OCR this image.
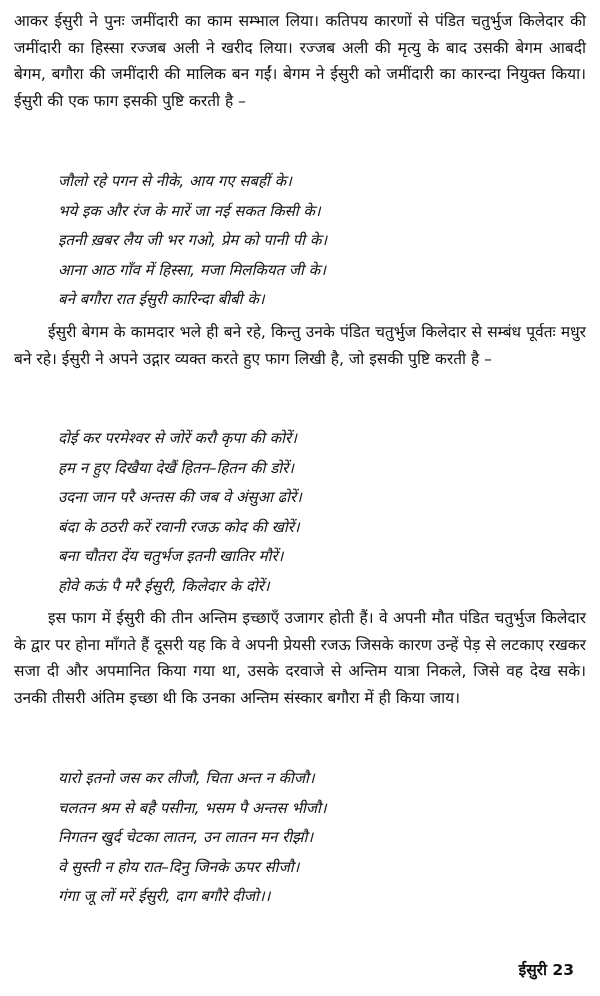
आकर ईसुरी ने पुनः जमींदारी का काम सम्भाल लिया। कतिपय कारणों से पंडित चतुर्भुज किलेदार की जमींदारी का हिस्सा रज्जब अली ने खरीद लिया। रज्जब अली की मृत्यु के बाद उसकी बेगम आबदी बेगम, बगौरा की जमींदारी की मालिक बन गईं। बेगम ने ईसुरी को जमींदारी का कारन्दा नियुक्त किया। ईसुरी की एक फाग इसकी पुष्टि करती है –

जौलो रहे पगन से नीके, आय गए सबहीं के।
भये इक और रंज के मारें जा नई सकत किसी के।
इतनी ख़बर लैय जी भर गओ, प्रेम को पानी पी के।
आना आठ गाँव में हिस्सा, मजा मिलकियत जी के।
बने बगौरा रात ईसुरी कारिन्दा बीबी के।

ईसुरी बेगम के कामदार भले ही बने रहे, किन्तु उनके पंडित चतुर्भुज किलेदार से सम्बंध पूर्वतः मधुर बने रहे। ईसुरी ने अपने उद्गार व्यक्त करते हुए फाग लिखी है, जो इसकी पुष्टि करती है –

दोई कर परमेश्वर से जोरें करौ कृपा की कोरें।
हम न हुए दिखैया देखैं हितन–हितन की डोरें।
उदना जान परै अन्तस की जब वे अंसुआ ढोरें।
बंदा के ठठरी करें रवानी रजऊ कोद की खोरें।
बना चौतरा देंय चतुर्भज इतनी खातिर मौरें।
होवे कऊं पै मरै ईसुरी, किलेदार के दोरें।

इस फाग में ईसुरी की तीन अन्तिम इच्छाएँ उजागर होती हैं। वे अपनी मौत पंडित चतुर्भुज किलेदार के द्वार पर होना माँगते हैं दूसरी यह कि वे अपनी प्रेयसी रजऊ जिसके कारण उन्हें पेड़ से लटकाए रखकर सजा दी और अपमानित किया गया था, उसके दरवाजे से अन्तिम यात्रा निकले, जिसे वह देख सके। उनकी तीसरी अंतिम इच्छा थी कि उनका अन्तिम संस्कार बगौरा में ही किया जाय।

यारो इतनो जस कर लीजौ, चिता अन्त न कीजौ।
चलतन श्रम से बहै पसीना, भसम पै अन्तस भीजौ।
निगतन खुर्द चेटका लातन, उन लातन मन रीझौ।
वे सुस्ती न होय रात–दिनु जिनके ऊपर सीजौ।
गंगा जू लों मरें ईसुरी, दाग बगौरे दीजो।।
ईसुरी 23
